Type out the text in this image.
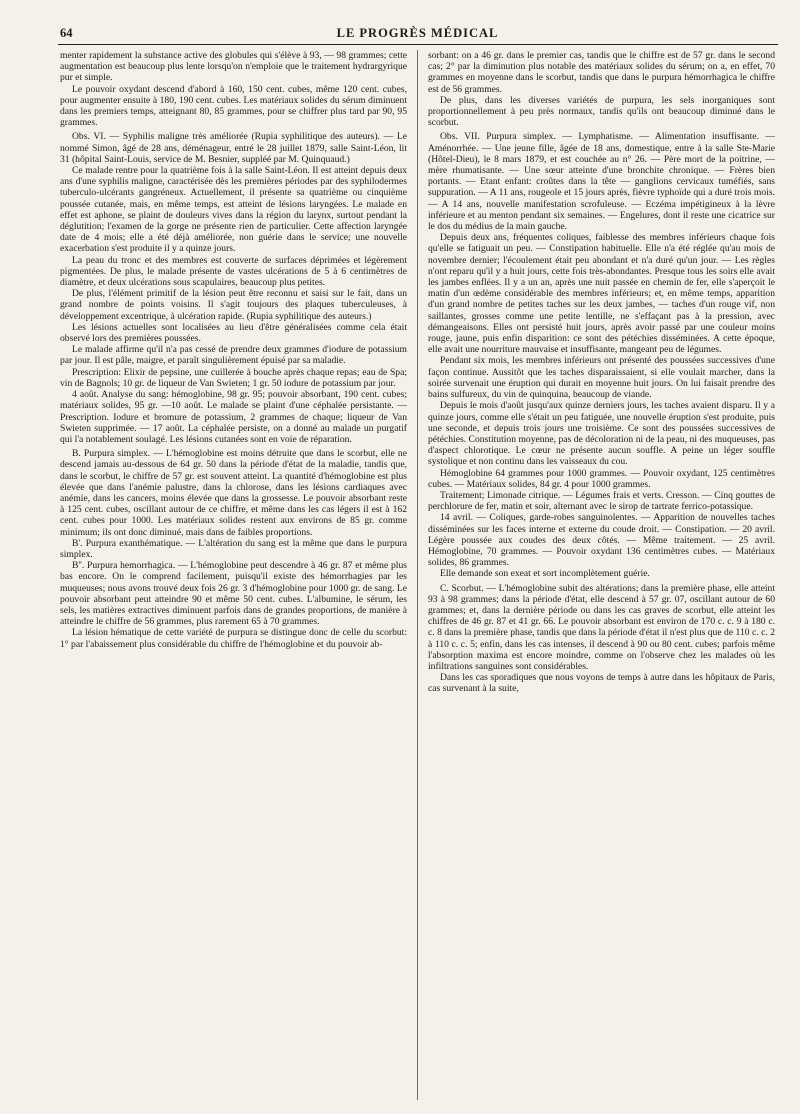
64	LE PROGRÈS MÉDICAL

menter rapidement la substance active des globules qui s'élève à 93, — 98 grammes; cette augmentation est beaucoup plus lente lorsqu'on n'emploie que le traitement hydrargyrique pur et simple.

Le pouvoir oxydant descend d'abord à 160, 150 cent. cubes, même 120 cent. cubes, pour augmenter ensuite à 180, 190 cent. cubes. Les matériaux solides du sérum diminuent dans les premiers temps, atteignant 80, 85 grammes, pour se chiffrer plus tard par 90, 95 grammes.

Obs. VI. — Syphilis maligne très améliorée (Rupia syphilitique des auteurs). — Le nommé Simon, âgé de 28 ans, déménageur, entré le 28 juillet 1879, salle Saint-Léon, lit 31 (hôpital Saint-Louis, service de M. Besnier, suppléé par M. Quinquaud.)

Ce malade rentre pour la quatrième fois à la salle Saint-Léon. Il est atteint depuis deux ans d'une syphilis maligne, caractérisée dès les premières périodes par des syphilodermes tuberculo-ulcérants gangréneux. Actuellement, il présente sa quatrième ou cinquième poussée cutanée, mais, en même temps, est atteint de lésions laryngées. Le malade en effet est aphone, se plaint de douleurs vives dans la région du larynx, surtout pendant la déglutition; l'examen de la gorge ne présente rien de particulier. Cette affection laryngée date de 4 mois; elle a été déjà améliorée, non guérie dans le service; une nouvelle exacerbation s'est produite il y a quinze jours.

La peau du tronc et des membres est couverte de surfaces déprimées et légèrement pigmentées. De plus, le malade présente de vastes ulcérations de 5 à 6 centimètres de diamètre, et deux ulcérations sous scapulaires, beaucoup plus petites.

De plus, l'élément primitif de la lésion peut être reconnu et saisi sur le fait, dans un grand nombre de points voisins. Il s'agit toujours des plaques tuberculeuses, à développement excentrique, à ulcération rapide. (Rupia syphilitique des auteurs.)

Les lésions actuelles sont localisées au lieu d'être généralisées comme cela était observé lors des premières poussées.

Le malade affirme qu'il n'a pas cessé de prendre deux grammes d'iodure de potassium par jour. Il est pâle, maigre, et paraît singulièrement épuisé par sa maladie.

Prescription: Elixir de pepsine, une cuillerée à bouche après chaque repas; eau de Spa; vin de Bagnols; 10 gr. de liqueur de Van Swieten; 1 gr. 50 iodure de potassium par jour.

4 août. Analyse du sang: hémoglobine, 98 gr. 95; pouvoir absorbant, 190 cent. cubes; matériaux solides, 95 gr. —10 août. Le malade se plaint d'une céphalée persistante. — Prescription. Iodure et bromure de potassium, 2 grammes de chaque; liqueur de Van Swieten supprimée. — 17 août. La céphalée persiste, on a donné au malade un purgatif qui l'a notablement soulagé. Les lésions cutanées sont en voie de réparation.

B. Purpura simplex. — L'hémoglobine est moins détruite que dans le scorbut, elle ne descend jamais au-dessous de 64 gr. 50 dans la période d'état de la maladie, tandis que, dans le scorbut, le chiffre de 57 gr. est souvent atteint. La quantité d'hémoglobine est plus élevée que dans l'anémie palustre, dans la chlorose, dans les lésions cardiaques avec anémie, dans les cancers, moins élevée que dans la grossesse. Le pouvoir absorbant reste à 125 cent. cubes, oscillant autour de ce chiffre, et même dans les cas légers il est à 162 cent. cubes pour 1000. Les matériaux solides restent aux environs de 85 gr. comme minimum; ils ont donc diminué, mais dans de faibles proportions.

B'. Purpura exanthématique. — L'altération du sang est la même que dans le purpura simplex.

B''. Purpura hemorrhagica. — L'hémoglobine peut descendre à 46 gr. 87 et même plus bas encore. On le comprend facilement, puisqu'il existe des hémorrhagies par les muqueuses; nous avons trouvé deux fois 26 gr. 3 d'hémoglobine pour 1000 gr. de sang. Le pouvoir absorbant peut atteindre 90 et même 50 cent. cubes. L'albumine, le sérum, les sels, les matières extractives diminuent parfois dans de grandes proportions, de manière à atteindre le chiffre de 56 grammes, plus rarement 65 à 70 grammes.

La lésion hématique de cette variété de purpura se distingue donc de celle du scorbut: 1° par l'abaissement plus considérable du chiffre de l'hémoglobine et du pouvoir ab-

sorbant: on a 46 gr. dans le premier cas, tandis que le chiffre est de 57 gr. dans le second cas; 2° par la diminution plus notable des matériaux solides du sérum; on a, en effet, 70 grammes en moyenne dans le scorbut, tandis que dans le purpura hémorrhagica le chiffre est de 56 grammes.

De plus, dans les diverses variétés de purpura, les sels inorganiques sont proportionnellement à peu près normaux, tandis qu'ils ont beaucoup diminué dans le scorbut.

Obs. VII. Purpura simplex. — Lymphatisme. — Alimentation insuffisante. — Aménorrhée. — Une jeune fille, âgée de 18 ans, domestique, entre à la salle Ste-Marie (Hôtel-Dieu), le 8 mars 1879, et est couchée au n° 26. — Père mort de la poitrine, — mère rhumatisante. — Une sœur atteinte d'une bronchite chronique. — Frères bien portants. — Etant enfant: croûtes dans la tête — ganglions cervicaux tuméfiés, sans suppuration. — A 11 ans, rougeole et 15 jours après, fièvre typhoïde qui a duré trois mois. — A 14 ans, nouvelle manifestation scrofuleuse. — Eczéma impétigineux à la lèvre inférieure et au menton pendant six semaines. — Engelures, dont il reste une cicatrice sur le dos du médius de la main gauche.

Depuis deux ans, fréquentes coliques, faiblesse des membres inférieurs chaque fois qu'elle se fatiguait un peu. — Constipation habituelle. Elle n'a été réglée qu'au mois de novembre dernier; l'écoulement était peu abondant et n'a duré qu'un jour. — Les règles n'ont reparu qu'il y a huit jours, cette fois très-abondantes. Presque tous les soirs elle avait les jambes enflées. Il y a un an, après une nuit passée en chemin de fer, elle s'aperçoit le matin d'un œdème considérable des membres inférieurs; et, en même temps, apparition d'un grand nombre de petites taches sur les deux jambes, — taches d'un rouge vif, non saillantes, grosses comme une petite lentille, ne s'effaçant pas à la pression, avec démangeaisons. Elles ont persisté huit jours, après avoir passé par une couleur moins rouge, jaune, puis enfin disparition: ce sont des pétéchies disséminées. A cette époque, elle avait une nourriture mauvaise et insuffisante, mangeant peu de légumes.

Pendant six mois, les membres inférieurs ont présenté des poussées successives d'une façon continue. Aussitôt que les taches disparaissaient, si elle voulait marcher, dans la soirée survenait une éruption qui durait en moyenne huit jours. On lui faisait prendre des bains sulfureux, du vin de quinquina, beaucoup de viande.

Depuis le mois d'août jusqu'aux quinze derniers jours, les taches avaient disparu. Il y a quinze jours, comme elle s'était un peu fatiguée, une nouvelle éruption s'est produite, puis une seconde, et depuis trois jours une troisième. Ce sont des poussées successives de pétéchies. Constitution moyenne, pas de décoloration ni de la peau, ni des muqueuses, pas d'aspect chlorotique. Le cœur ne présente aucun souffle. A peine un léger souffle systolique et non continu dans les vaisseaux du cou.

Hémoglobine 64 grammes pour 1000 grammes. — Pouvoir oxydant, 125 centimètres cubes. — Matériaux solides, 84 gr. 4 pour 1000 grammes.

Traitement; Limonade citrique. — Légumes frais et verts. Cresson. — Cinq gouttes de perchlorure de fer, matin et soir, alternant avec le sirop de tartrate ferrico-potassique.

14 avril. — Coliques, garde-robes sanguinolentes. — Apparition de nouvelles taches disséminées sur les faces interne et externe du coude droit. — Constipation. — 20 avril. Légère poussée aux coudes des deux côtés. — Même traitement. — 25 avril. Hémoglobine, 70 grammes. — Pouvoir oxydant 136 centimètres cubes. — Matériaux solides, 86 grammes.

Elle demande son exeat et sort incomplètement guérie.

C. Scorbut. — L'hémoglobine subit des altérations; dans la première phase, elle atteint 93 à 98 grammes; dans la période d'état, elle descend à 57 gr. 07, oscillant autour de 60 grammes; et, dans la dernière période ou dans les cas graves de scorbut, elle atteint les chiffres de 46 gr. 87 et 41 gr. 66. Le pouvoir absorbant est environ de 170 c. c. 9 à 180 c. c. 8 dans la première phase, tandis que dans la période d'état il n'est plus que de 110 c. c. 2 à 110 c. c. 5; enfin, dans les cas intenses, il descend à 90 ou 80 cent. cubes; parfois même l'absorption maxima est encore moindre, comme on l'observe chez les malades où les infiltrations sanguines sont considérables.

Dans les cas sporadiques que nous voyons de temps à autre dans les hôpitaux de Paris, cas survenant à la suite,
